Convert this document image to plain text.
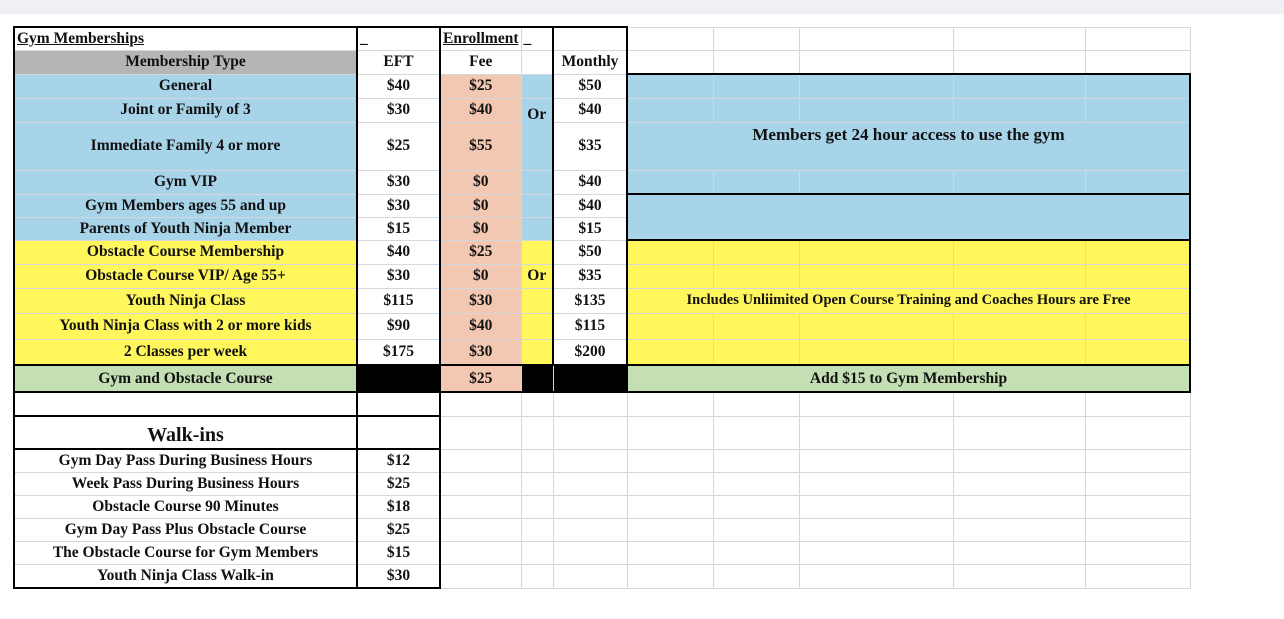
Gym Memberships	_	Enrollment	_						
Membership Type	EFT	Fee		Monthly					
General	$40	$25		$50					
Joint or Family of 3	$30	$40	Or	$40					
Immediate Family 4 or more	$25	$55		$35	Members get 24 hour access to use the gym				
Gym VIP	$30	$0		$40					
Gym Members ages 55 and up	$30	$0		$40					
Parents of Youth Ninja Member	$15	$0		$15					
Obstacle Course Membership	$40	$25		$50					
Obstacle Course VIP/ Age 55+	$30	$0	Or	$35					
Youth Ninja Class	$115	$30		$135	Includes Unliimited Open Course Training and Coaches Hours are Free				
Youth Ninja Class with 2 or more kids	$90	$40		$115					
2 Classes per week	$175	$30		$200					
Gym and Obstacle Course		$25			Add $15 to Gym Membership				

Walk-ins									
Gym Day Pass During Business Hours	$12								
Week Pass During Business Hours	$25								
Obstacle Course 90 Minutes	$18								
Gym Day Pass Plus Obstacle Course	$25								
The Obstacle Course for Gym Members	$15								
Youth Ninja Class Walk-in	$30								
